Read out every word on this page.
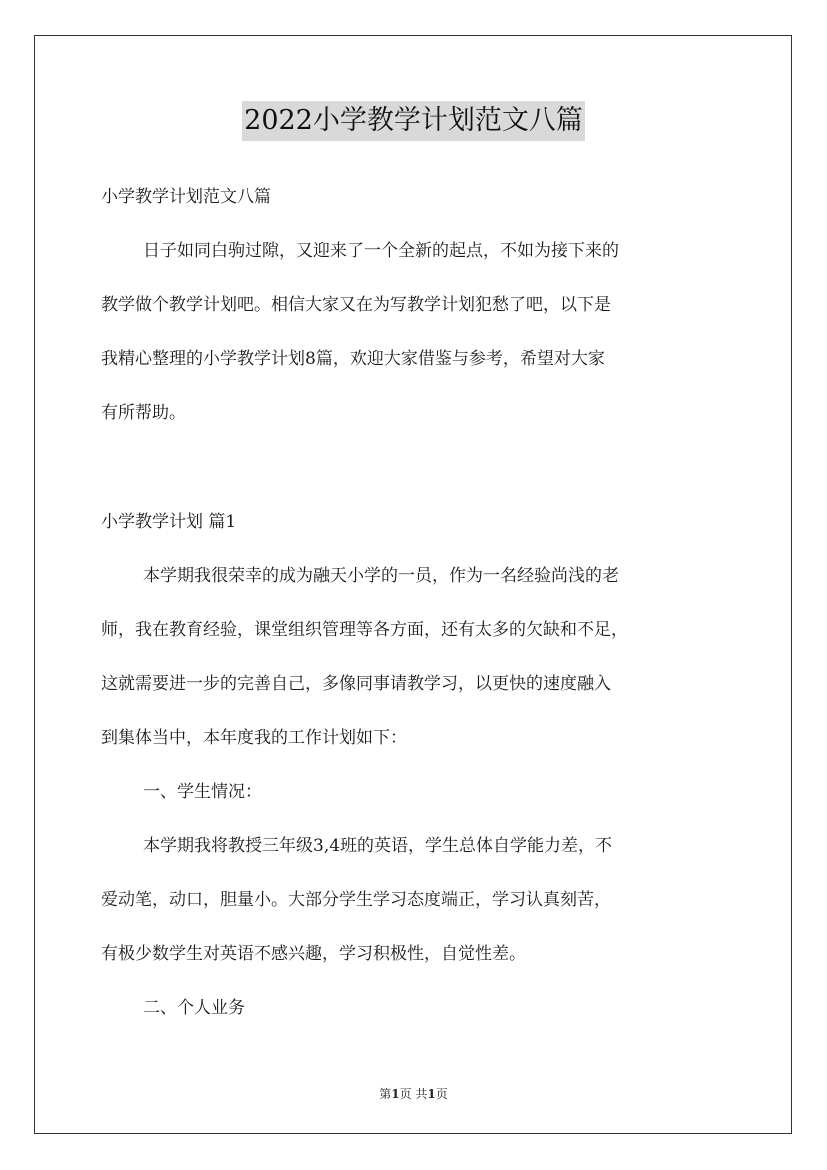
2022小学教学计划范文八篇
小学教学计划范文八篇
日子如同白驹过隙，又迎来了一个全新的起点，不如为接下来的
教学做个教学计划吧。相信大家又在为写教学计划犯愁了吧，以下是
我精心整理的小学教学计划8篇，欢迎大家借鉴与参考，希望对大家
有所帮助。
小学教学计划 篇1
本学期我很荣幸的成为融天小学的一员，作为一名经验尚浅的老
师，我在教育经验，课堂组织管理等各方面，还有太多的欠缺和不足，
这就需要进一步的完善自己，多像同事请教学习，以更快的速度融入
到集体当中，本年度我的工作计划如下：
一、学生情况：
本学期我将教授三年级3,4班的英语，学生总体自学能力差，不
爱动笔，动口，胆量小。大部分学生学习态度端正，学习认真刻苦，
有极少数学生对英语不感兴趣，学习积极性，自觉性差。
二、个人业务
第1页 共1页
